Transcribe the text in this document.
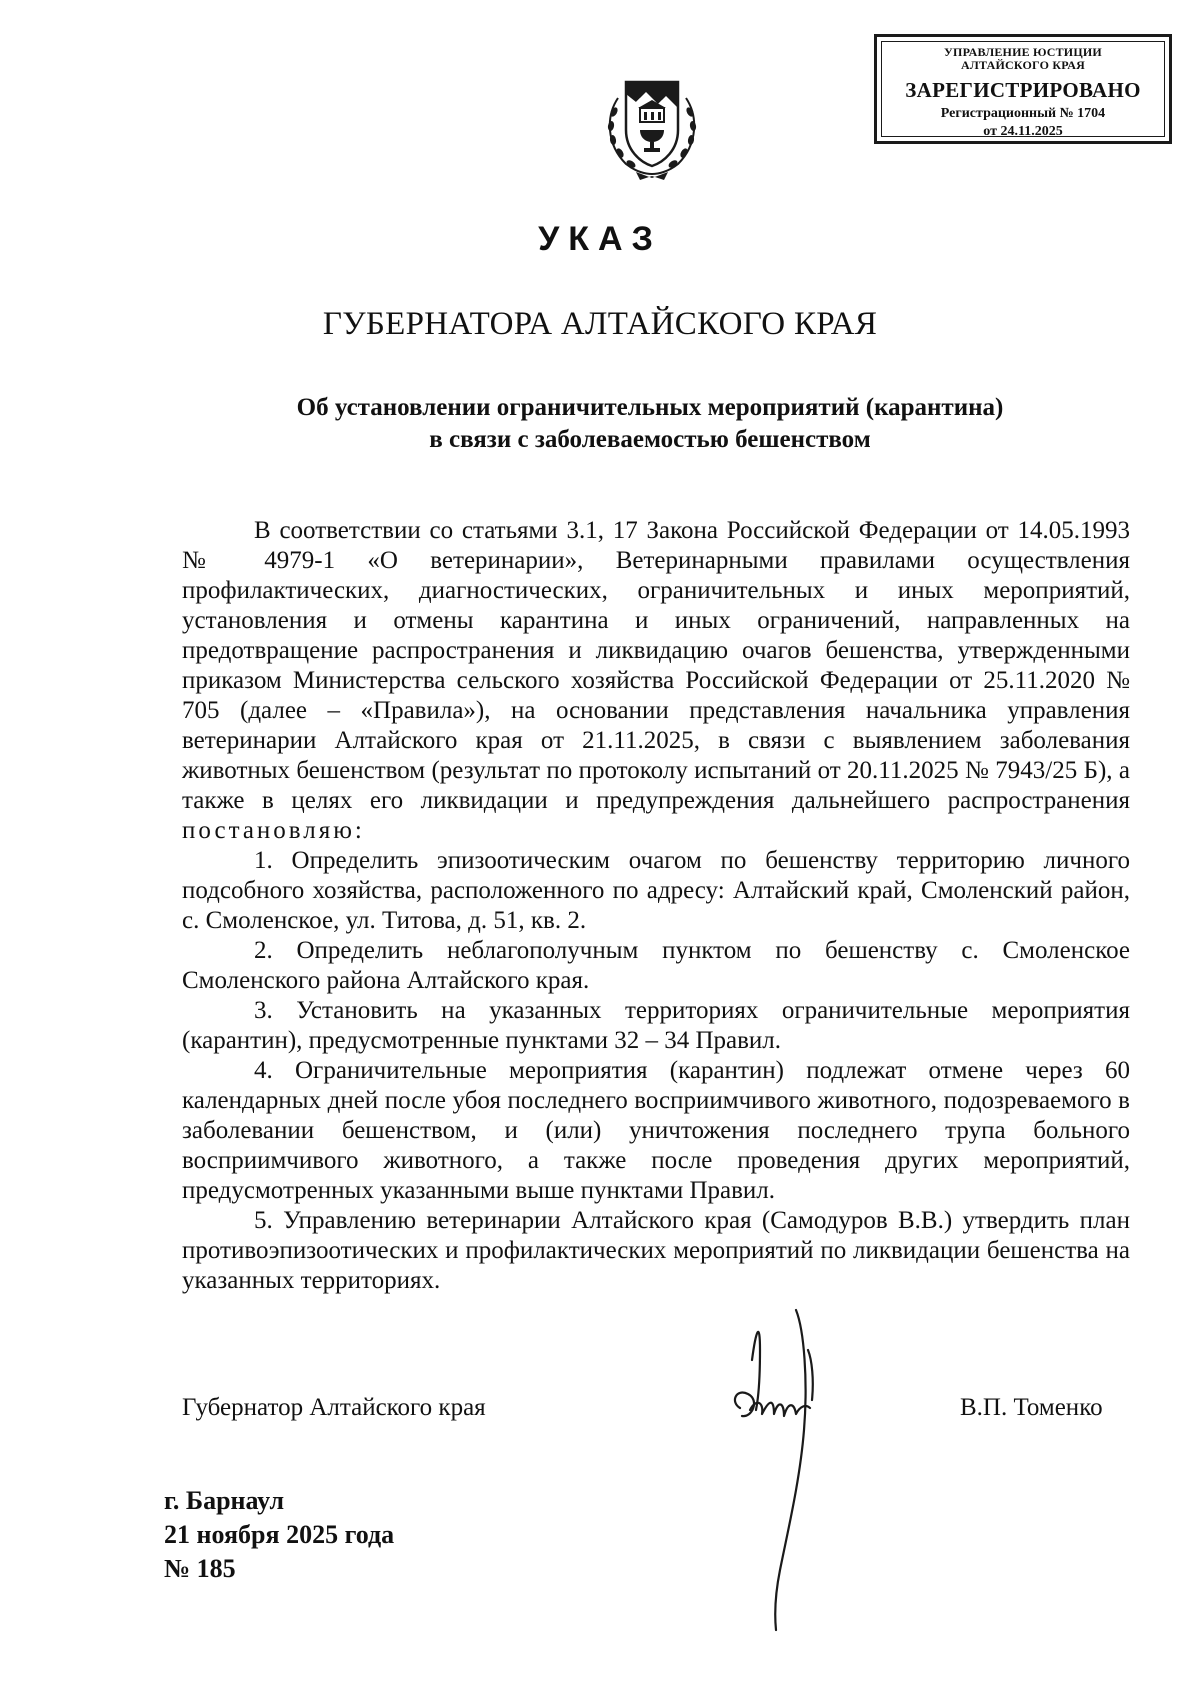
УПРАВЛЕНИЕ ЮСТИЦИИ
АЛТАЙСКОГО КРАЯ
ЗАРЕГИСТРИРОВАНО
Регистрационный № 1704
от 24.11.2025
УКАЗ
ГУБЕРНАТОРА АЛТАЙСКОГО КРАЯ
Об установлении ограничительных мероприятий (карантина)
в связи с заболеваемостью бешенством

В соответствии со статьями 3.1, 17 Закона Российской Федерации от 14.05.1993 № 4979-1 «О ветеринарии», Ветеринарными правилами осуществления профилактических, диагностических, ограничительных и иных мероприятий, установления и отмены карантина и иных ограничений, направленных на предотвращение распространения и ликвидацию очагов бешенства, утвержденными приказом Министерства сельского хозяйства Российской Федерации от 25.11.2020 № 705 (далее – «Правила»), на основании представления начальника управления ветеринарии Алтайского края от 21.11.2025, в связи с выявлением заболевания животных бешенством (результат по протоколу испытаний от 20.11.2025 № 7943/25 Б), а также в целях его ликвидации и предупреждения дальнейшего распространения постановляю:

1. Определить эпизоотическим очагом по бешенству территорию личного подсобного хозяйства, расположенного по адресу: Алтайский край, Смоленский район, с. Смоленское, ул. Титова, д. 51, кв. 2.

2. Определить неблагополучным пунктом по бешенству с. Смоленское Смоленского района Алтайского края.

3. Установить на указанных территориях ограничительные мероприятия (карантин), предусмотренные пунктами 32 – 34 Правил.

4. Ограничительные мероприятия (карантин) подлежат отмене через 60 календарных дней после убоя последнего восприимчивого животного, подозреваемого в заболевании бешенством, и (или) уничтожения последнего трупа больного восприимчивого животного, а также после проведения других мероприятий, предусмотренных указанными выше пунктами Правил.

5. Управлению ветеринарии Алтайского края (Самодуров В.В.) утвердить план противоэпизоотических и профилактических мероприятий по ликвидации бешенства на указанных территориях.

Губернатор Алтайского края	В.П. Томенко
г. Барнаул
21 ноября 2025 года
№ 185
